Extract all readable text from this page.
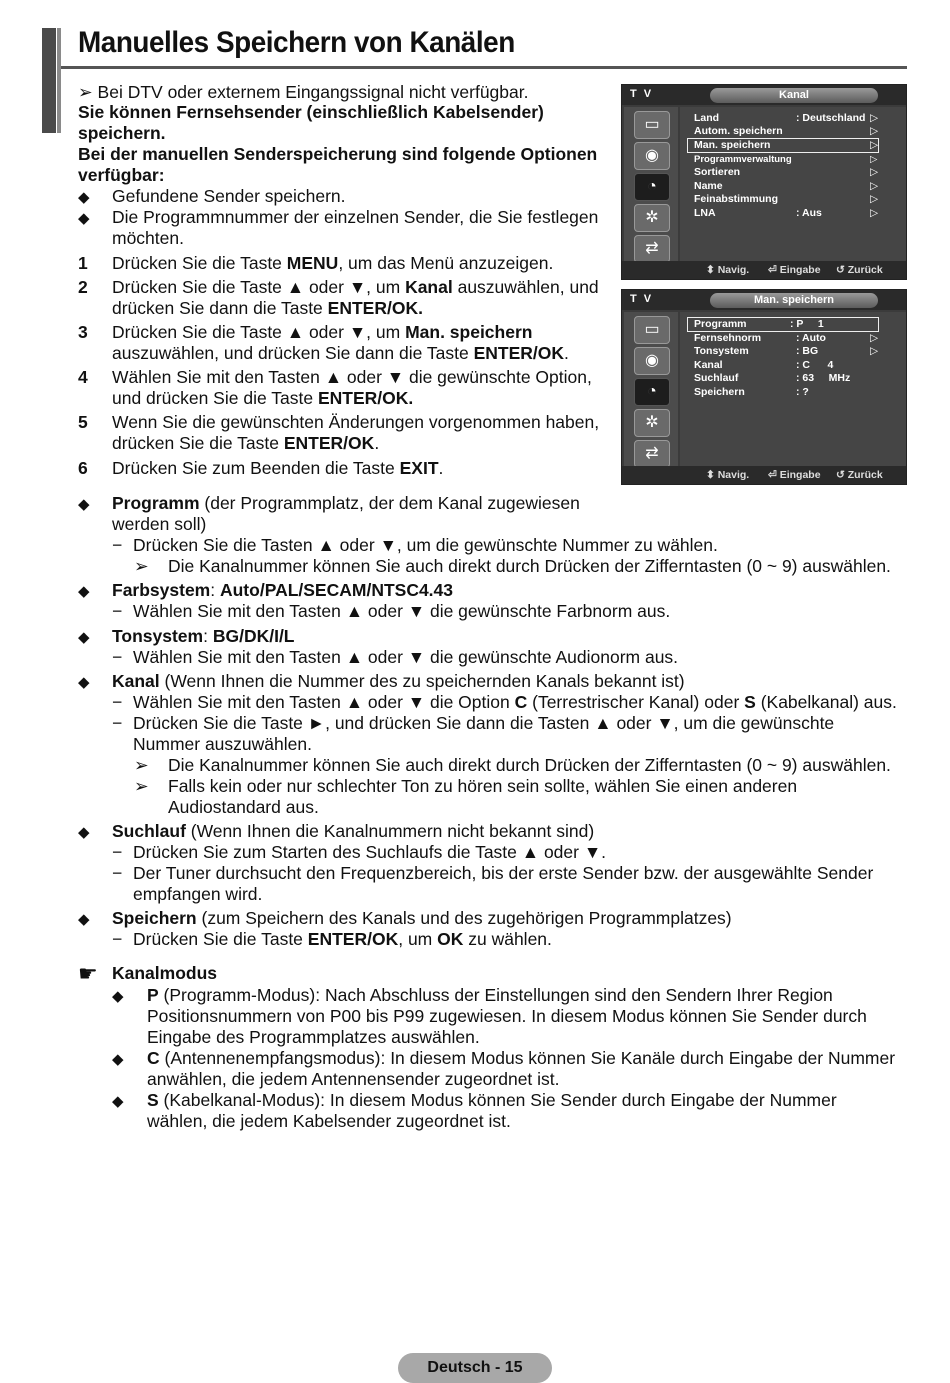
Manuelles Speichern von Kanälen
➢ Bei DTV oder externem Eingangssignal nicht verfügbar.
Sie können Fernsehsender (einschließlich Kabelsender)
speichern.
Bei der manuellen Senderspeicherung sind folgende Optionen
verfügbar:
◆ Gefundene Sender speichern.
◆ Die Programmnummer der einzelnen Sender, die Sie festlegen
möchten.
1 Drücken Sie die Taste MENU, um das Menü anzuzeigen.
2 Drücken Sie die Taste ▲ oder ▼, um Kanal auszuwählen, und
drücken Sie dann die Taste ENTER/OK.
3 Drücken Sie die Taste ▲ oder ▼, um Man. speichern
auszuwählen, und drücken Sie dann die Taste ENTER/OK.
4 Wählen Sie mit den Tasten ▲ oder ▼ die gewünschte Option,
und drücken Sie die Taste ENTER/OK.
5 Wenn Sie die gewünschten Änderungen vorgenommen haben,
drücken Sie die Taste ENTER/OK.
6 Drücken Sie zum Beenden die Taste EXIT.
T V	Kanal
▭
◉
◔
✲
⇄
Land	: Deutschland ▷
Autom. speichern	▷
Man. speichern	▷
Programmverwaltung	▷
Sortieren	▷
Name	▷
Feinabstimmung	▷
LNA	: Aus	▷
⬍ Navig. ⏎ Eingabe ↺ Zurück
T V	Man. speichern
▭
◉
◔
✲
⇄
Programm	: P     1
Fernsehnorm	: Auto	▷
Tonsystem	: BG	▷
Kanal	: C      4
Suchlauf	: 63     MHz
Speichern	: ?
⬍ Navig. ⏎ Eingabe ↺ Zurück
◆ Programm (der Programmplatz, der dem Kanal zugewiesen
werden soll)
− Drücken Sie die Tasten ▲ oder ▼, um die gewünschte Nummer zu wählen.
➢ Die Kanalnummer können Sie auch direkt durch Drücken der Zifferntasten (0 ~ 9) auswählen.
◆ Farbsystem: Auto/PAL/SECAM/NTSC4.43
− Wählen Sie mit den Tasten ▲ oder ▼ die gewünschte Farbnorm aus.
◆ Tonsystem: BG/DK/I/L
− Wählen Sie mit den Tasten ▲ oder ▼ die gewünschte Audionorm aus.
◆ Kanal (Wenn Ihnen die Nummer des zu speichernden Kanals bekannt ist)
− Wählen Sie mit den Tasten ▲ oder ▼ die Option C (Terrestrischer Kanal) oder S (Kabelkanal) aus.
− Drücken Sie die Taste ►, und drücken Sie dann die Tasten ▲ oder ▼, um die gewünschte
Nummer auszuwählen.
➢ Die Kanalnummer können Sie auch direkt durch Drücken der Zifferntasten (0 ~ 9) auswählen.
➢ Falls kein oder nur schlechter Ton zu hören sein sollte, wählen Sie einen anderen
Audiostandard aus.
◆ Suchlauf (Wenn Ihnen die Kanalnummern nicht bekannt sind)
− Drücken Sie zum Starten des Suchlaufs die Taste ▲ oder ▼.
− Der Tuner durchsucht den Frequenzbereich, bis der erste Sender bzw. der ausgewählte Sender
empfangen wird.
◆ Speichern (zum Speichern des Kanals und des zugehörigen Programmplatzes)
− Drücken Sie die Taste ENTER/OK, um OK zu wählen.
☛ Kanalmodus
◆ P (Programm-Modus): Nach Abschluss der Einstellungen sind den Sendern Ihrer Region
Positionsnummern von P00 bis P99 zugewiesen. In diesem Modus können Sie Sender durch
Eingabe des Programmplatzes auswählen.
◆ C (Antennenempfangsmodus): In diesem Modus können Sie Kanäle durch Eingabe der Nummer
anwählen, die jedem Antennensender zugeordnet ist.
◆ S (Kabelkanal-Modus): In diesem Modus können Sie Sender durch Eingabe der Nummer
wählen, die jedem Kabelsender zugeordnet ist.
Deutsch - 15
